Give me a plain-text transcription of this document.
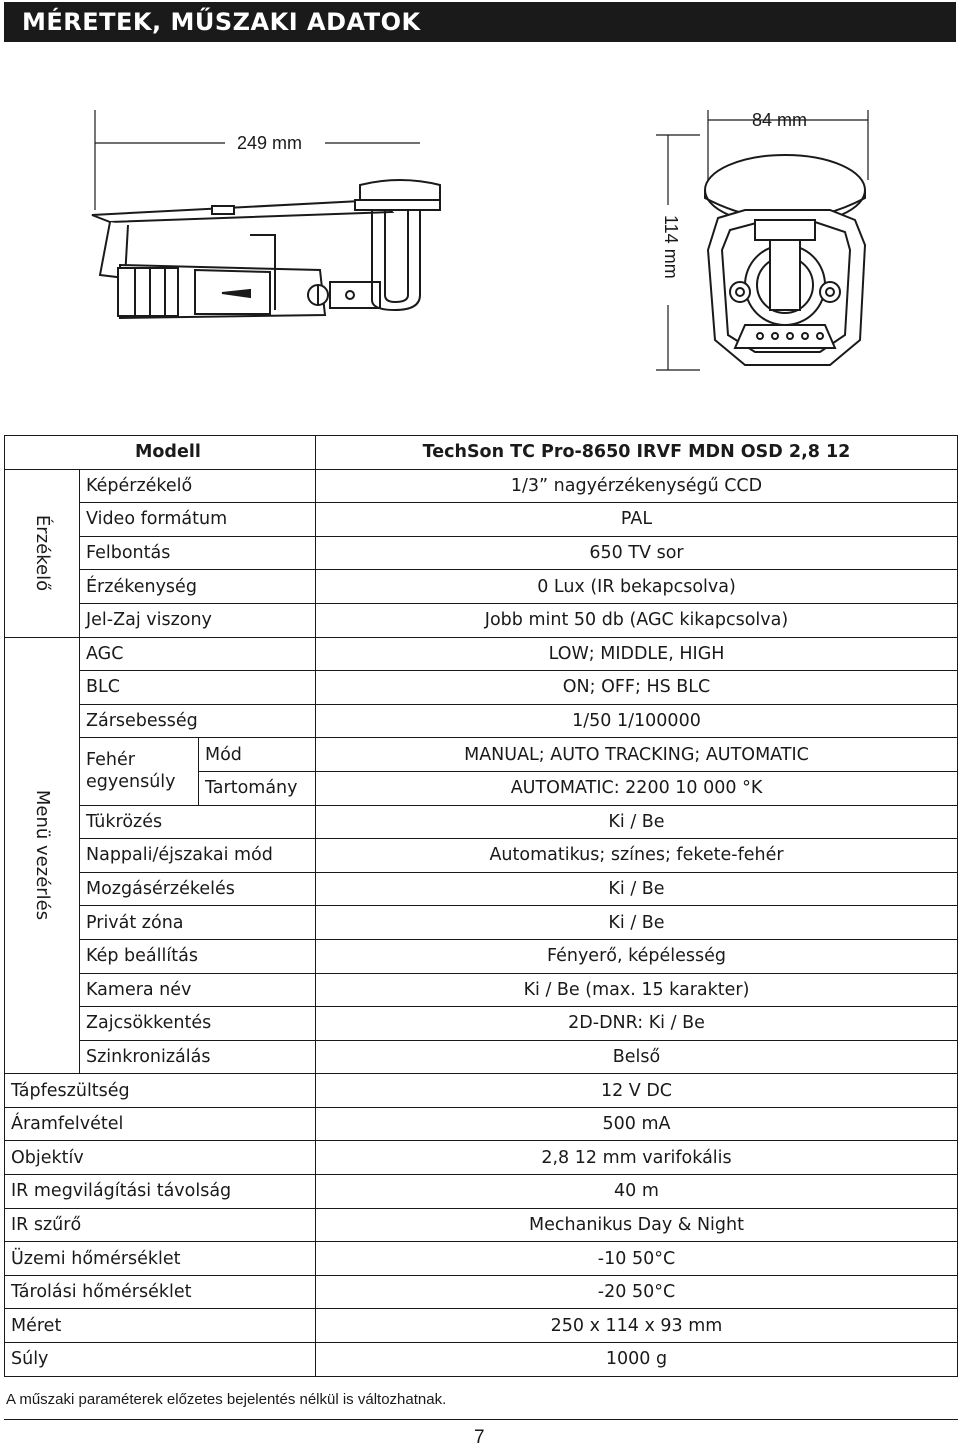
MÉRETEK, MŰSZAKI ADATOK
249 mm
84 mm
114 mm
Modell			TechSon TC Pro-8650 IRVF MDN OSD 2,8 12

Érzékelő	Képérzékelő		1/3” nagyérzékenységű CCD
	Video formátum		PAL
	Felbontás		650 TV sor
	Érzékenység		0 Lux (IR bekapcsolva)
	Jel-Zaj viszony		Jobb mint 50 db (AGC kikapcsolva)

Menü vezérlés	AGC		LOW; MIDDLE, HIGH
	BLC		ON; OFF; HS BLC
	Zársebesség		1/50 1/100000
	Fehér egyensúly	Mód	MANUAL; AUTO TRACKING; AUTOMATIC
		Tartomány	AUTOMATIC: 2200 10 000 °K
	Tükrözés		Ki / Be
	Nappali/éjszakai mód		Automatikus; színes; fekete-fehér
	Mozgásérzékelés		Ki / Be
	Privát zóna		Ki / Be
	Kép beállítás		Fényerő, képélesség
	Kamera név		Ki / Be (max. 15 karakter)
	Zajcsökkentés		2D-DNR: Ki / Be
	Szinkronizálás		Belső
Tápfeszültség			12 V DC
Áramfelvétel			500 mA
Objektív			2,8 12 mm varifokális
IR megvilágítási távolság			40 m
IR szűrő			Mechanikus Day & Night
Üzemi hőmérséklet			-10 50°C
Tárolási hőmérséklet			-20 50°C
Méret			250 x 114 x 93 mm
Súly			1000 g
A műszaki paraméterek előzetes bejelentés nélkül is változhatnak.
7
